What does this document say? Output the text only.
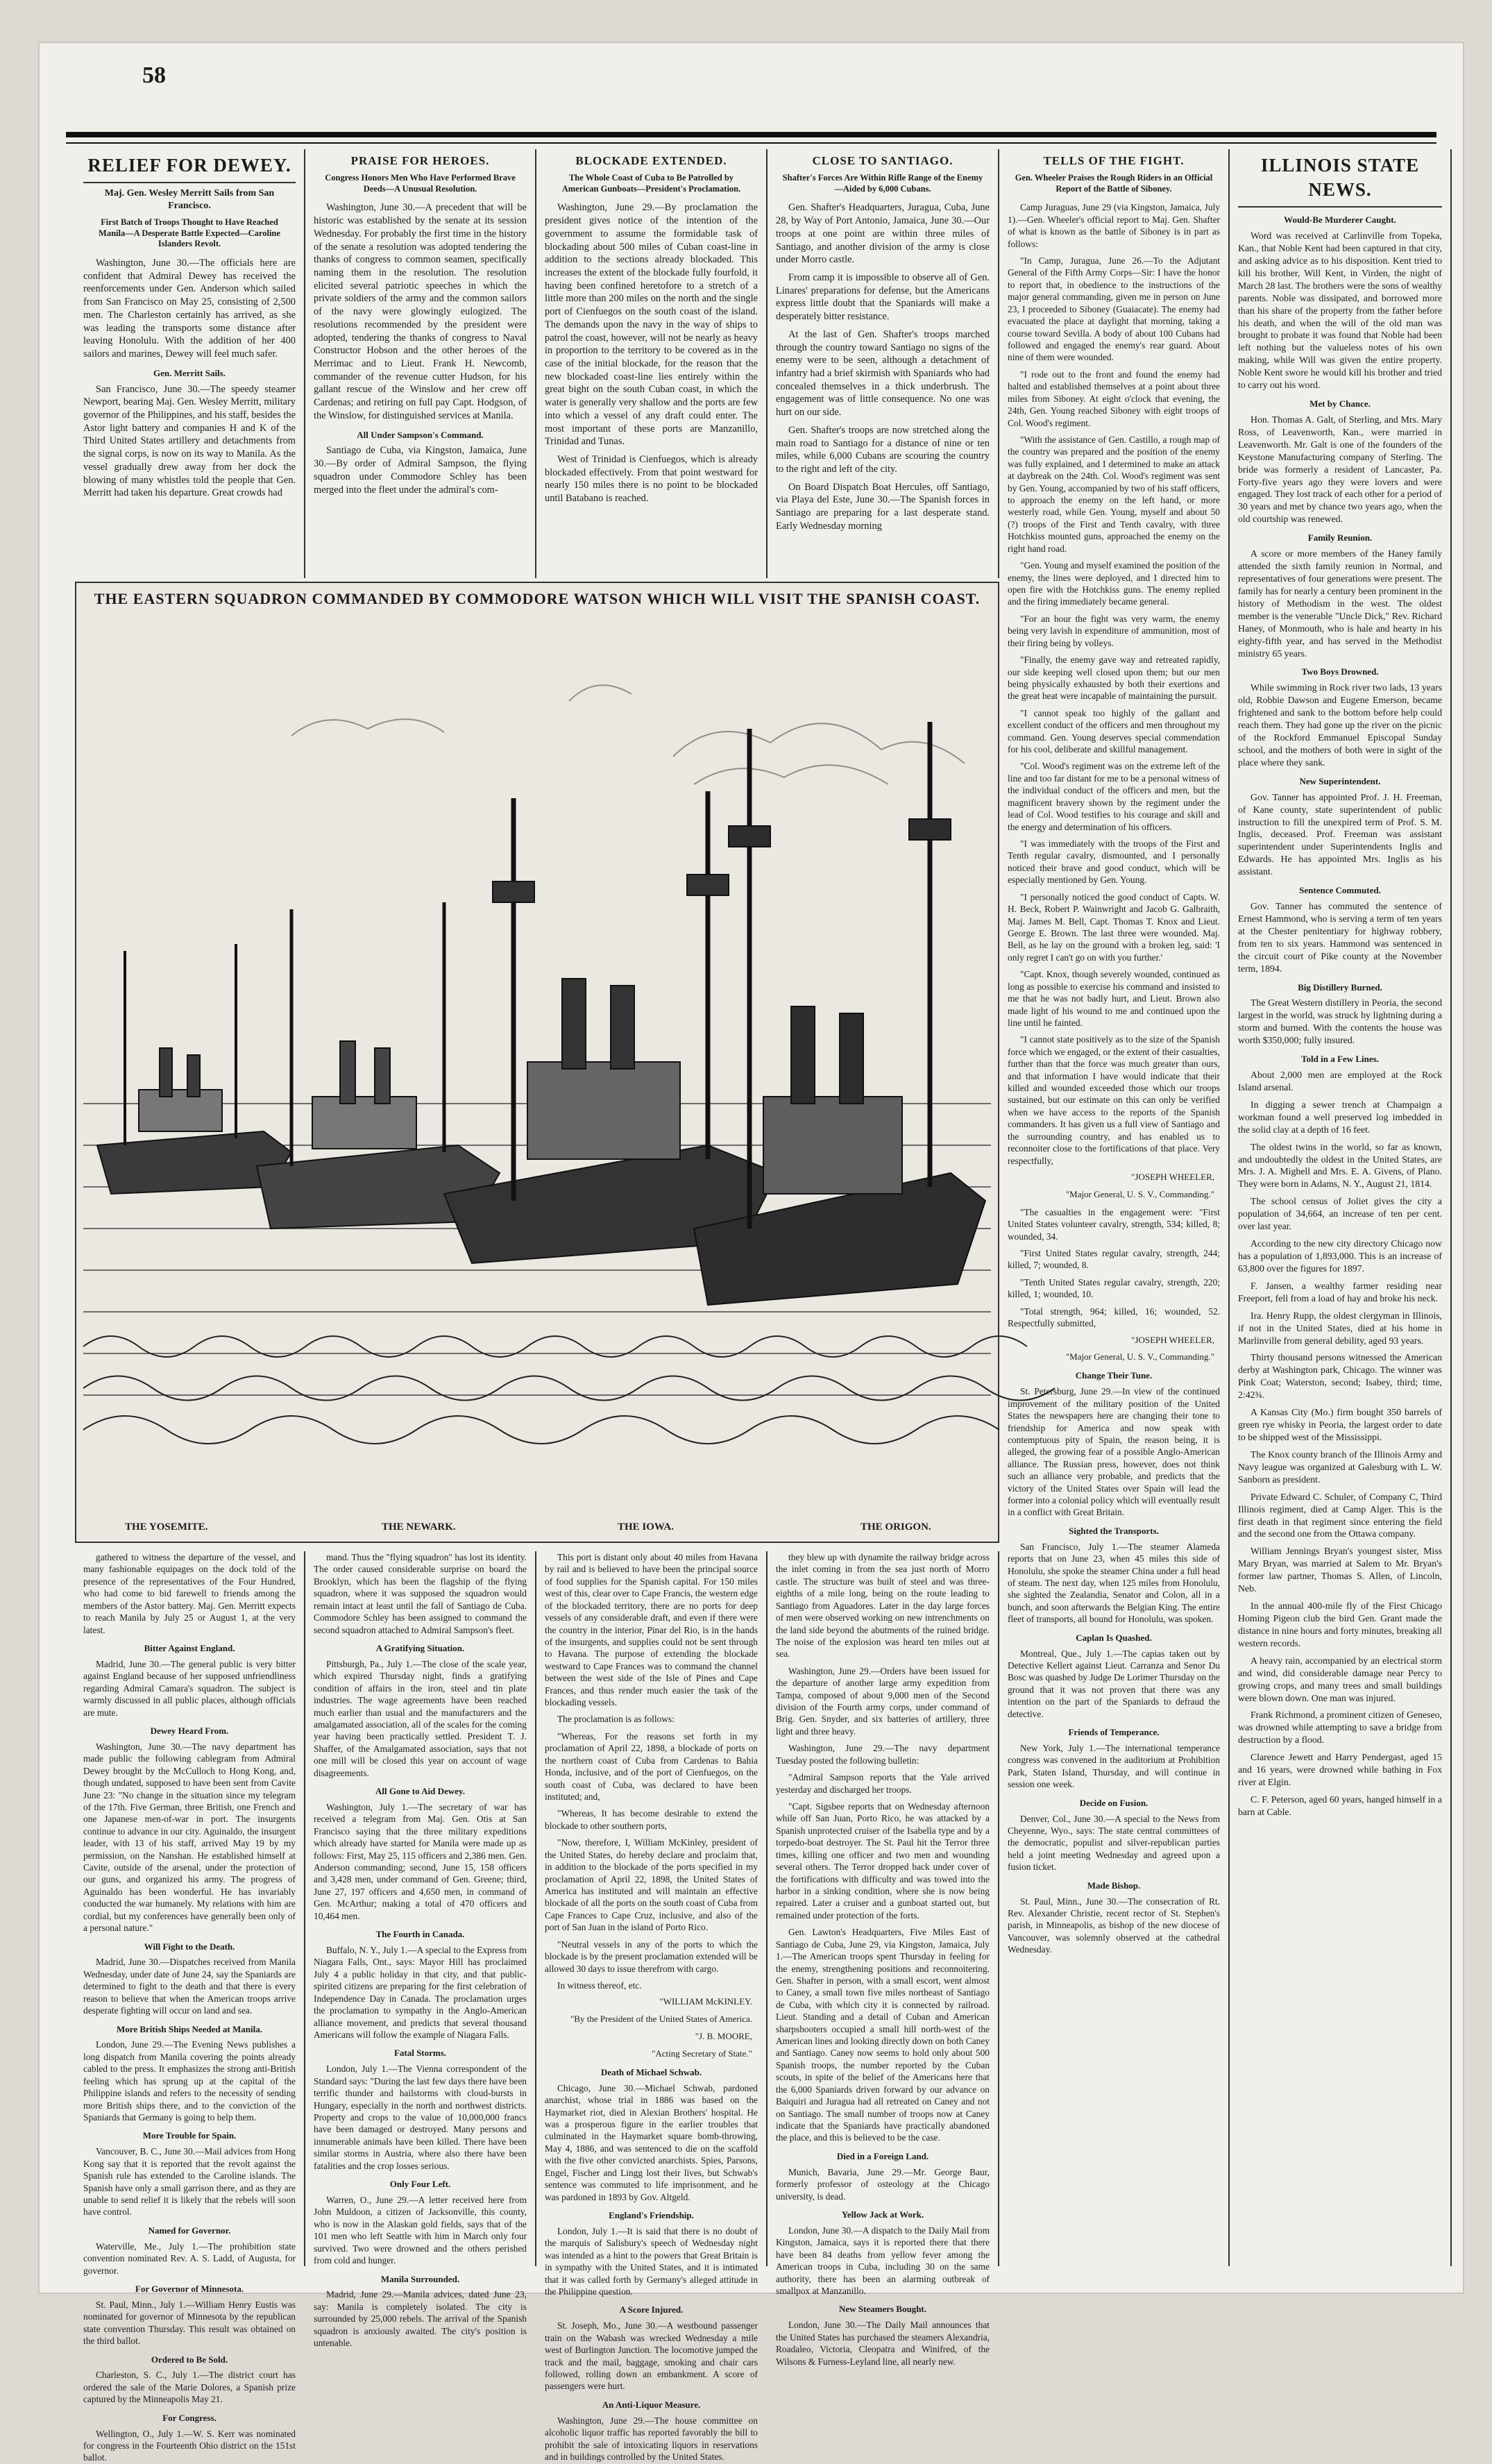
58
RELIEF FOR DEWEY.
Maj. Gen. Wesley Merritt Sails from San Francisco.
First Batch of Troops Thought to Have Reached Manila—A Desperate Battle Expected—Caroline Islanders Revolt.

Washington, June 30.—The officials here are confident that Admiral Dewey has received the reenforcements under Gen. Anderson which sailed from San Francisco on May 25, consisting of 2,500 men. The Charleston certainly has arrived, as she was leading the transports some distance after leaving Honolulu. With the addition of her 400 sailors and marines, Dewey will feel much safer.

Gen. Merritt Sails.

San Francisco, June 30.—The speedy steamer Newport, bearing Maj. Gen. Wesley Merritt, military governor of the Philippines, and his staff, besides the Astor light battery and companies H and K of the Third United States artillery and detachments from the signal corps, is now on its way to Manila. As the vessel gradually drew away from her dock the blowing of many whistles told the people that Gen. Merritt had taken his departure. Great crowds had

PRAISE FOR HEROES.
Congress Honors Men Who Have Performed Brave Deeds—A Unusual Resolution.

Washington, June 30.—A precedent that will be historic was established by the senate at its session Wednesday. For probably the first time in the history of the senate a resolution was adopted tendering the thanks of congress to common seamen, specifically naming them in the resolution. The resolution elicited several patriotic speeches in which the private soldiers of the army and the common sailors of the navy were glowingly eulogized. The resolutions recommended by the president were adopted, tendering the thanks of congress to Naval Constructor Hobson and the other heroes of the Merrimac and to Lieut. Frank H. Newcomb, commander of the revenue cutter Hudson, for his gallant rescue of the Winslow and her crew off Cardenas; and retiring on full pay Capt. Hodgson, of the Winslow, for distinguished services at Manila.

All Under Sampson's Command.

Santiago de Cuba, via Kingston, Jamaica, June 30.—By order of Admiral Sampson, the flying squadron under Commodore Schley has been merged into the fleet under the admiral's com-

BLOCKADE EXTENDED.
The Whole Coast of Cuba to Be Patrolled by American Gunboats—President's Proclamation.

Washington, June 29.—By proclamation the president gives notice of the intention of the government to assume the formidable task of blockading about 500 miles of Cuban coast-line in addition to the sections already blockaded. This increases the extent of the blockade fully fourfold, it having been confined heretofore to a stretch of a little more than 200 miles on the north and the single port of Cienfuegos on the south coast of the island. The demands upon the navy in the way of ships to patrol the coast, however, will not be nearly as heavy in proportion to the territory to be covered as in the case of the initial blockade, for the reason that the new blockaded coast-line lies entirely within the great bight on the south Cuban coast, in which the water is generally very shallow and the ports are few into which a vessel of any draft could enter. The most important of these ports are Manzanillo, Trinidad and Tunas.

West of Trinidad is Cienfuegos, which is already blockaded effectively. From that point westward for nearly 150 miles there is no point to be blockaded until Batabano is reached.

CLOSE TO SANTIAGO.
Shafter's Forces Are Within Rifle Range of the Enemy—Aided by 6,000 Cubans.

Gen. Shafter's Headquarters, Juragua, Cuba, June 28, by Way of Port Antonio, Jamaica, June 30.—Our troops at one point are within three miles of Santiago, and another division of the army is close under Morro castle.

From camp it is impossible to observe all of Gen. Linares' preparations for defense, but the Americans express little doubt that the Spaniards will make a desperately bitter resistance.

At the last of Gen. Shafter's troops marched through the country toward Santiago no signs of the enemy were to be seen, although a detachment of infantry had a brief skirmish with Spaniards who had concealed themselves in a thick underbrush. The engagement was of little consequence. No one was hurt on our side.

Gen. Shafter's troops are now stretched along the main road to Santiago for a distance of nine or ten miles, while 6,000 Cubans are scouring the country to the right and left of the city.

On Board Dispatch Boat Hercules, off Santiago, via Playa del Este, June 30.—The Spanish forces in Santiago are preparing for a last desperate stand. Early Wednesday morning

TELLS OF THE FIGHT.
Gen. Wheeler Praises the Rough Riders in an Official Report of the Battle of Siboney.

Camp Juraguas, June 29 (via Kingston, Jamaica, July 1).—Gen. Wheeler's official report to Maj. Gen. Shafter of what is known as the battle of Siboney is in part as follows:

"In Camp, Juragua, June 26.—To the Adjutant General of the Fifth Army Corps—Sir: I have the honor to report that, in obedience to the instructions of the major general commanding, given me in person on June 23, I proceeded to Siboney (Guaiacate). The enemy had evacuated the place at daylight that morning, taking a course toward Sevilla. A body of about 100 Cubans had followed and engaged the enemy's rear guard. About nine of them were wounded.

"I rode out to the front and found the enemy had halted and established themselves at a point about three miles from Siboney. At eight o'clock that evening, the 24th, Gen. Young reached Siboney with eight troops of Col. Wood's regiment.

"With the assistance of Gen. Castillo, a rough map of the country was prepared and the position of the enemy was fully explained, and I determined to make an attack at daybreak on the 24th. Col. Wood's regiment was sent by Gen. Young, accompanied by two of his staff officers, to approach the enemy on the left hand, or more westerly road, while Gen. Young, myself and about 50 (?) troops of the First and Tenth cavalry, with three Hotchkiss mounted guns, approached the enemy on the right hand road.

"Gen. Young and myself examined the position of the enemy, the lines were deployed, and I directed him to open fire with the Hotchkiss guns. The enemy replied and the firing immediately became general.

"For an hour the fight was very warm, the enemy being very lavish in expenditure of ammunition, most of their firing being by volleys.

"Finally, the enemy gave way and retreated rapidly, our side keeping well closed upon them; but our men being physically exhausted by both their exertions and the great heat were incapable of maintaining the pursuit.

"I cannot speak too highly of the gallant and excellent conduct of the officers and men throughout my command. Gen. Young deserves special commendation for his cool, deliberate and skillful management.

"Col. Wood's regiment was on the extreme left of the line and too far distant for me to be a personal witness of the individual conduct of the officers and men, but the magnificent bravery shown by the regiment under the lead of Col. Wood testifies to his courage and skill and the energy and determination of his officers.

"I was immediately with the troops of the First and Tenth regular cavalry, dismounted, and I personally noticed their brave and good conduct, which will be especially mentioned by Gen. Young.

"I personally noticed the good conduct of Capts. W. H. Beck, Robert P. Wainwright and Jacob G. Galbraith, Maj. James M. Bell, Capt. Thomas T. Knox and Lieut. George E. Brown. The last three were wounded. Maj. Bell, as he lay on the ground with a broken leg, said: 'I only regret I can't go on with you further.'

"Capt. Knox, though severely wounded, continued as long as possible to exercise his command and insisted to me that he was not badly hurt, and Lieut. Brown also made light of his wound to me and continued upon the line until he fainted.

"I cannot state positively as to the size of the Spanish force which we engaged, or the extent of their casualties, further than that the force was much greater than ours, and that information I have would indicate that their killed and wounded exceeded those which our troops sustained, but our estimate on this can only be verified when we have access to the reports of the Spanish commanders. It has given us a full view of Santiago and the surrounding country, and has enabled us to reconnoiter close to the fortifications of that place. Very respectfully,

"JOSEPH WHEELER,
"Major General, U. S. V., Commanding."

"The casualties in the engagement were: "First United States volunteer cavalry, strength, 534; killed, 8; wounded, 34.

"First United States regular cavalry, strength, 244; killed, 7; wounded, 8.

"Tenth United States regular cavalry, strength, 220; killed, 1; wounded, 10.

"Total strength, 964; killed, 16; wounded, 52. Respectfully submitted,

"JOSEPH WHEELER,
"Major General, U. S. V., Commanding."
Change Their Tune.

St. Petersburg, June 29.—In view of the continued improvement of the military position of the United States the newspapers here are changing their tone to friendship for America and now speak with contemptuous pity of Spain, the reason being, it is alleged, the growing fear of a possible Anglo-American alliance. The Russian press, however, does not think such an alliance very probable, and predicts that the victory of the United States over Spain will lead the former into a colonial policy which will eventually result in a conflict with Great Britain.

Sighted the Transports.

San Francisco, July 1.—The steamer Alameda reports that on June 23, when 45 miles this side of Honolulu, she spoke the steamer China under a full head of steam. The next day, when 125 miles from Honolulu, she sighted the Zealandia, Senator and Colon, all in a bunch, and soon afterwards the Belgian King. The entire fleet of transports, all bound for Honolulu, was spoken.

Caplan Is Quashed.

Montreal, Que., July 1.—The capias taken out by Detective Kellert against Lieut. Carranza and Senor Du Bosc was quashed by Judge De Lorimer Thursday on the ground that it was not proven that there was any intention on the part of the Spaniards to defraud the detective.

Friends of Temperance.

New York, July 1.—The international temperance congress was convened in the auditorium at Prohibition Park, Staten Island, Thursday, and will continue in session one week.

Decide on Fusion.

Denver, Col., June 30.—A special to the News from Cheyenne, Wyo., says: The state central committees of the democratic, populist and silver-republican parties held a joint meeting Wednesday and agreed upon a fusion ticket.

Made Bishop.

St. Paul, Minn., June 30.—The consecration of Rt. Rev. Alexander Christie, recent rector of St. Stephen's parish, in Minneapolis, as bishop of the new diocese of Vancouver, was solemnly observed at the cathedral Wednesday.

ILLINOIS STATE NEWS.
Would-Be Murderer Caught.

Word was received at Carlinville from Topeka, Kan., that Noble Kent had been captured in that city, and asking advice as to his disposition. Kent tried to kill his brother, Will Kent, in Virden, the night of March 28 last. The brothers were the sons of wealthy parents. Noble was dissipated, and borrowed more than his share of the property from the father before his death, and when the will of the old man was brought to probate it was found that Noble had been left nothing but the valueless notes of his own making, while Will was given the entire property. Noble Kent swore he would kill his brother and tried to carry out his word.

Met by Chance.

Hon. Thomas A. Galt, of Sterling, and Mrs. Mary Ross, of Leavenworth, Kan., were married in Leavenworth. Mr. Galt is one of the founders of the Keystone Manufacturing company of Sterling. The bride was formerly a resident of Lancaster, Pa. Forty-five years ago they were lovers and were engaged. They lost track of each other for a period of 30 years and met by chance two years ago, when the old courtship was renewed.

Family Reunion.

A score or more members of the Haney family attended the sixth family reunion in Normal, and representatives of four generations were present. The family has for nearly a century been prominent in the history of Methodism in the west. The oldest member is the venerable "Uncle Dick," Rev. Richard Haney, of Monmouth, who is hale and hearty in his eighty-fifth year, and has served in the Methodist ministry 65 years.

Two Boys Drowned.

While swimming in Rock river two lads, 13 years old, Robbie Dawson and Eugene Emerson, became frightened and sank to the bottom before help could reach them. They had gone up the river on the picnic of the Rockford Emmanuel Episcopal Sunday school, and the mothers of both were in sight of the place where they sank.

New Superintendent.

Gov. Tanner has appointed Prof. J. H. Freeman, of Kane county, state superintendent of public instruction to fill the unexpired term of Prof. S. M. Inglis, deceased. Prof. Freeman was assistant superintendent under Superintendents Inglis and Edwards. He has appointed Mrs. Inglis as his assistant.

Sentence Commuted.

Gov. Tanner has commuted the sentence of Ernest Hammond, who is serving a term of ten years at the Chester penitentiary for highway robbery, from ten to six years. Hammond was sentenced in the circuit court of Pike county at the November term, 1894.

Big Distillery Burned.

The Great Western distillery in Peoria, the second largest in the world, was struck by lightning during a storm and burned. With the contents the house was worth $350,000; fully insured.

Told in a Few Lines.

About 2,000 men are employed at the Rock Island arsenal.

In digging a sewer trench at Champaign a workman found a well preserved log imbedded in the solid clay at a depth of 16 feet.

The oldest twins in the world, so far as known, and undoubtedly the oldest in the United States, are Mrs. J. A. Mighell and Mrs. E. A. Givens, of Plano. They were born in Adams, N. Y., August 21, 1814.

The school census of Joliet gives the city a population of 34,664, an increase of ten per cent. over last year.

According to the new city directory Chicago now has a population of 1,893,000. This is an increase of 63,800 over the figures for 1897.

F. Jansen, a wealthy farmer residing near Freeport, fell from a load of hay and broke his neck.

Ira. Henry Rupp, the oldest clergyman in Illinois, if not in the United States, died at his home in Marlinville from general debility, aged 93 years.

Thirty thousand persons witnessed the American derby at Washington park, Chicago. The winner was Pink Coat; Waterston, second; Isabey, third; time, 2:42¾.

A Kansas City (Mo.) firm bought 350 barrels of green rye whisky in Peoria, the largest order to date to be shipped west of the Mississippi.

The Knox county branch of the Illinois Army and Navy league was organized at Galesburg with L. W. Sanborn as president.

Private Edward C. Schuler, of Company C, Third Illinois regiment, died at Camp Alger. This is the first death in that regiment since entering the field and the second one from the Ottawa company.

William Jennings Bryan's youngest sister, Miss Mary Bryan, was married at Salem to Mr. Bryan's former law partner, Thomas S. Allen, of Lincoln, Neb.

In the annual 400-mile fly of the First Chicago Homing Pigeon club the bird Gen. Grant made the distance in nine hours and forty minutes, breaking all western records.

A heavy rain, accompanied by an electrical storm and wind, did considerable damage near Percy to growing crops, and many trees and small buildings were blown down. One man was injured.

Frank Richmond, a prominent citizen of Geneseo, was drowned while attempting to save a bridge from destruction by a flood.

Clarence Jewett and Harry Pendergast, aged 15 and 16 years, were drowned while bathing in Fox river at Elgin.

C. F. Peterson, aged 60 years, hanged himself in a barn at Cable.

THE EASTERN SQUADRON COMMANDED BY COMMODORE WATSON WHICH WILL VISIT THE SPANISH COAST.
THE YOSEMITE.	THE NEWARK.	THE IOWA.	THE ORIGON.

gathered to witness the departure of the vessel, and many fashionable equipages on the dock told of the presence of the representatives of the Four Hundred, who had come to bid farewell to friends among the members of the Astor battery. Maj. Gen. Merritt expects to reach Manila by July 25 or August 1, at the very latest.

Bitter Against England.

Madrid, June 30.—The general public is very bitter against England because of her supposed unfriendliness regarding Admiral Camara's squadron. The subject is warmly discussed in all public places, although officials are mute.

Dewey Heard From.

Washington, June 30.—The navy department has made public the following cablegram from Admiral Dewey brought by the McCulloch to Hong Kong, and, though undated, supposed to have been sent from Cavite June 23: "No change in the situation since my telegram of the 17th. Five German, three British, one French and one Japanese men-of-war in port. The insurgents continue to advance in our city. Aguinaldo, the insurgent leader, with 13 of his staff, arrived May 19 by my permission, on the Nanshan. He established himself at Cavite, outside of the arsenal, under the protection of our guns, and organized his army. The progress of Aguinaldo has been wonderful. He has invariably conducted the war humanely. My relations with him are cordial, but my conferences have generally been only of a personal nature."

Will Fight to the Death.

Madrid, June 30.—Dispatches received from Manila Wednesday, under date of June 24, say the Spaniards are determined to fight to the death and that there is every reason to believe that when the American troops arrive desperate fighting will occur on land and sea.

More British Ships Needed at Manila.

London, June 29.—The Evening News publishes a long dispatch from Manila covering the points already cabled to the press. It emphasizes the strong anti-British feeling which has sprung up at the capital of the Philippine islands and refers to the necessity of sending more British ships there, and to the conviction of the Spaniards that Germany is going to help them.

More Trouble for Spain.

Vancouver, B. C., June 30.—Mail advices from Hong Kong say that it is reported that the revolt against the Spanish rule has extended to the Caroline islands. The Spanish have only a small garrison there, and as they are unable to send relief it is likely that the rebels will soon have control.

Named for Governor.

Waterville, Me., July 1.—The prohibition state convention nominated Rev. A. S. Ladd, of Augusta, for governor.

For Governor of Minnesota.

St. Paul, Minn., July 1.—William Henry Eustis was nominated for governor of Minnesota by the republican state convention Thursday. This result was obtained on the third ballot.

Ordered to Be Sold.

Charleston, S. C., July 1.—The district court has ordered the sale of the Marie Dolores, a Spanish prize captured by the Minneapolis May 21.

For Congress.

Wellington, O., July 1.—W. S. Kerr was nominated for congress in the Fourteenth Ohio district on the 151st ballot.

mand. Thus the "flying squadron" has lost its identity. The order caused considerable surprise on board the Brooklyn, which has been the flagship of the flying squadron, where it was supposed the squadron would remain intact at least until the fall of Santiago de Cuba. Commodore Schley has been assigned to command the second squadron attached to Admiral Sampson's fleet.

A Gratifying Situation.

Pittsburgh, Pa., July 1.—The close of the scale year, which expired Thursday night, finds a gratifying condition of affairs in the iron, steel and tin plate industries. The wage agreements have been reached much earlier than usual and the manufacturers and the amalgamated association, all of the scales for the coming year having been practically settled. President T. J. Shaffer, of the Amalgamated association, says that not one mill will be closed this year on account of wage disagreements.

All Gone to Aid Dewey.

Washington, July 1.—The secretary of war has received a telegram from Maj. Gen. Otis at San Francisco saying that the three military expeditions which already have started for Manila were made up as follows: First, May 25, 115 officers and 2,386 men. Gen. Anderson commanding; second, June 15, 158 officers and 3,428 men, under command of Gen. Greene; third, June 27, 197 officers and 4,650 men, in command of Gen. McArthur; making a total of 470 officers and 10,464 men.

The Fourth in Canada.

Buffalo, N. Y., July 1.—A special to the Express from Niagara Falls, Ont., says: Mayor Hill has proclaimed July 4 a public holiday in that city, and that public-spirited citizens are preparing for the first celebration of Independence Day in Canada. The proclamation urges the proclamation to sympathy in the Anglo-American alliance movement, and predicts that several thousand Americans will follow the example of Niagara Falls.

Fatal Storms.

London, July 1.—The Vienna correspondent of the Standard says: "During the last few days there have been terrific thunder and hailstorms with cloud-bursts in Hungary, especially in the north and northwest districts. Property and crops to the value of 10,000,000 francs have been damaged or destroyed. Many persons and innumerable animals have been killed. There have been similar storms in Austria, where also there have been fatalities and the crop losses serious.

Only Four Left.

Warren, O., June 29.—A letter received here from John Muldoon, a citizen of Jacksonville, this county, who is now in the Alaskan gold fields, says that of the 101 men who left Seattle with him in March only four survived. Two were drowned and the others perished from cold and hunger.

Manila Surrounded.

Madrid, June 29.—Manila advices, dated June 23, say: Manila is completely isolated. The city is surrounded by 25,000 rebels. The arrival of the Spanish squadron is anxiously awaited. The city's position is untenable.

This port is distant only about 40 miles from Havana by rail and is believed to have been the principal source of food supplies for the Spanish capital. For 150 miles west of this, clear over to Cape Francis, the western edge of the blockaded territory, there are no ports for deep vessels of any considerable draft, and even if there were the country in the interior, Pinar del Rio, is in the hands of the insurgents, and supplies could not be sent through to Havana. The purpose of extending the blockade westward to Cape Frances was to command the channel between the west side of the Isle of Pines and Cape Frances, and thus render much easier the task of the blockading vessels.

The proclamation is as follows:

"Whereas, For the reasons set forth in my proclamation of April 22, 1898, a blockade of ports on the northern coast of Cuba from Cardenas to Bahia Honda, inclusive, and of the port of Cienfuegos, on the south coast of Cuba, was declared to have been instituted; and,

"Whereas, It has become desirable to extend the blockade to other southern ports,

"Now, therefore, I, William McKinley, president of the United States, do hereby declare and proclaim that, in addition to the blockade of the ports specified in my proclamation of April 22, 1898, the United States of America has instituted and will maintain an effective blockade of all the ports on the south coast of Cuba from Cape Frances to Cape Cruz, inclusive, and also of the port of San Juan in the island of Porto Rico.

"Neutral vessels in any of the ports to which the blockade is by the present proclamation extended will be allowed 30 days to issue therefrom with cargo.

In witness thereof, etc.

"WILLIAM McKINLEY.
"By the President of the United States of America.
"J. B. MOORE,
"Acting Secretary of State."
Death of Michael Schwab.

Chicago, June 30.—Michael Schwab, pardoned anarchist, whose trial in 1886 was based on the Haymarket riot, died in Alexian Brothers' hospital. He was a prosperous figure in the earlier troubles that culminated in the Haymarket square bomb-throwing, May 4, 1886, and was sentenced to die on the scaffold with the five other convicted anarchists. Spies, Parsons, Engel, Fischer and Lingg lost their lives, but Schwab's sentence was commuted to life imprisonment, and he was pardoned in 1893 by Gov. Altgeld.

England's Friendship.

London, July 1.—It is said that there is no doubt of the marquis of Salisbury's speech of Wednesday night was intended as a hint to the powers that Great Britain is in sympathy with the United States, and it is intimated that it was called forth by Germany's alleged attitude in the Philippine question.

A Score Injured.

St. Joseph, Mo., June 30.—A westbound passenger train on the Wabash was wrecked Wednesday a mile west of Burlington Junction. The locomotive jumped the track and the mail, baggage, smoking and chair cars followed, rolling down an embankment. A score of passengers were hurt.

An Anti-Liquor Measure.

Washington, June 29.—The house committee on alcoholic liquor traffic has reported favorably the bill to prohibit the sale of intoxicating liquors in reservations and in buildings controlled by the United States.

they blew up with dynamite the railway bridge across the inlet coming in from the sea just north of Morro castle. The structure was built of steel and was three-eighths of a mile long, being on the route leading to Santiago from Aguadores. Later in the day large forces of men were observed working on new intrenchments on the land side beyond the abutments of the ruined bridge. The noise of the explosion was heard ten miles out at sea.

Washington, June 29.—Orders have been issued for the departure of another large army expedition from Tampa, composed of about 9,000 men of the Second division of the Fourth army corps, under command of Brig. Gen. Snyder, and six batteries of artillery, three light and three heavy.

Washington, June 29.—The navy department Tuesday posted the following bulletin:

"Admiral Sampson reports that the Yale arrived yesterday and discharged her troops.

"Capt. Sigsbee reports that on Wednesday afternoon while off San Juan, Porto Rico, he was attacked by a Spanish unprotected cruiser of the Isabella type and by a torpedo-boat destroyer. The St. Paul hit the Terror three times, killing one officer and two men and wounding several others. The Terror dropped back under cover of the fortifications with difficulty and was towed into the harbor in a sinking condition, where she is now being repaired. Later a cruiser and a gunboat started out, but remained under protection of the forts.

Gen. Lawton's Headquarters, Five Miles East of Santiago de Cuba, June 29, via Kingston, Jamaica, July 1.—The American troops spent Thursday in feeling for the enemy, strengthening positions and reconnoitering. Gen. Shafter in person, with a small escort, went almost to Caney, a small town five miles northeast of Santiago de Cuba, with which city it is connected by railroad. Lieut. Standing and a detail of Cuban and American sharpshooters occupied a small hill north-west of the American lines and looking directly down on both Caney and Santiago. Caney now seems to hold only about 500 Spanish troops, the number reported by the Cuban scouts, in spite of the belief of the Americans here that the 6,000 Spaniards driven forward by our advance on Baiquiri and Juragua had all retreated on Caney and not on Santiago. The small number of troops now at Caney indicate that the Spaniards have practically abandoned the place, and this is believed to be the case.

Died in a Foreign Land.

Munich, Bavaria, June 29.—Mr. George Baur, formerly professor of osteology at the Chicago university, is dead.

Yellow Jack at Work.

London, June 30.—A dispatch to the Daily Mail from Kingston, Jamaica, says it is reported there that there have been 84 deaths from yellow fever among the American troops in Cuba, including 30 on the same authority, there has been an alarming outbreak of smallpox at Manzanillo.

New Steamers Bought.

London, June 30.—The Daily Mail announces that the United States has purchased the steamers Alexandria, Roadaleo, Victoria, Cleopatra and Winifred, of the Wilsons & Furness-Leyland line, all nearly new.
